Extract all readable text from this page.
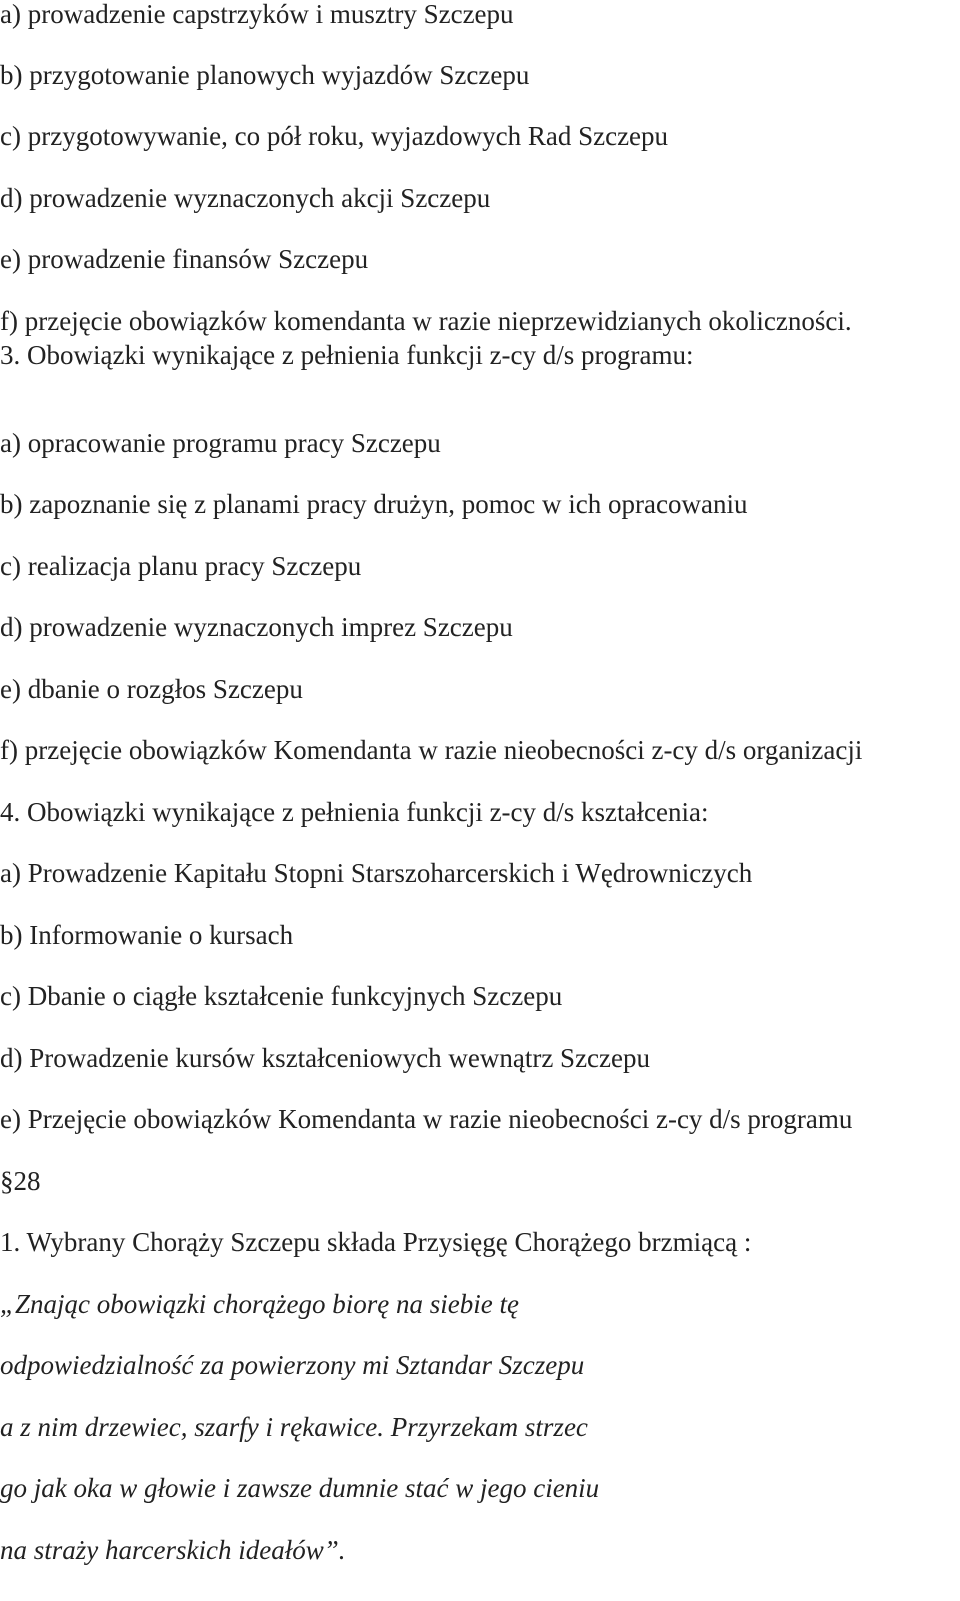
a) prowadzenie capstrzyków i musztry Szczepu
b) przygotowanie planowych wyjazdów Szczepu
c) przygotowywanie, co pół roku, wyjazdowych Rad Szczepu
d) prowadzenie wyznaczonych akcji Szczepu
e) prowadzenie finansów Szczepu
f) przejęcie obowiązków komendanta w razie nieprzewidzianych okoliczności.
3. Obowiązki wynikające z pełnienia funkcji z-cy d/s programu:
a) opracowanie programu pracy Szczepu
b) zapoznanie się z planami pracy drużyn, pomoc w ich opracowaniu
c) realizacja planu pracy Szczepu
d) prowadzenie wyznaczonych imprez Szczepu
e) dbanie o rozgłos Szczepu
f) przejęcie obowiązków Komendanta w razie nieobecności z-cy d/s organizacji
4. Obowiązki wynikające z pełnienia funkcji z-cy d/s kształcenia:
a) Prowadzenie Kapitału Stopni Starszoharcerskich i Wędrowniczych
b) Informowanie o kursach
c) Dbanie o ciągłe kształcenie funkcyjnych Szczepu
d) Prowadzenie kursów kształceniowych wewnątrz Szczepu
e) Przejęcie obowiązków Komendanta w razie nieobecności z-cy d/s programu
§28
1. Wybrany Chorąży Szczepu składa Przysięgę Chorążego brzmiącą :
„Znając obowiązki chorążego biorę na siebie tę
odpowiedzialność za powierzony mi Sztandar Szczepu
a z nim drzewiec, szarfy i rękawice. Przyrzekam strzec
go jak oka w głowie i zawsze dumnie stać w jego cieniu
na straży harcerskich ideałów”.
